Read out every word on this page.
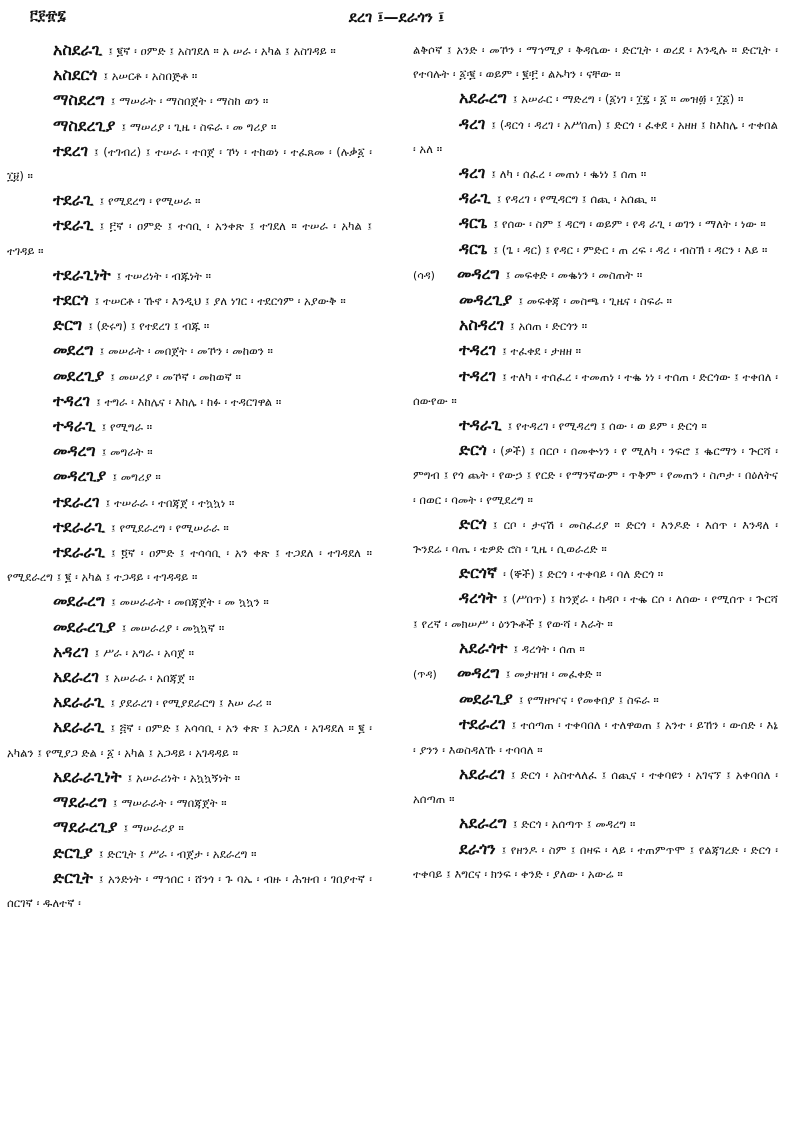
፫፻፹፯	ደረገ ፤—ደራጎን ፤

አስደራጊ ፤ ፪ኛ ፡ ዐምድ ፤ አስገደለ ። አ ሠራ ፡ አካል ፤ አስገዳይ ።

አስደርጎ ፤ አሠርቶ ፡ አስበጅቶ ።

ማስደረግ ፤ ማሠራት ፡ ማስበጀት ፡ ማስከ ወን ።

ማስደረጊያ ፤ ማሠሪያ ፡ ጊዜ ፡ ስፍራ ፡ መ ግሪያ ።

ተደረገ ፤ (ተገብረ) ፤ ተሠራ ፡ ተበጀ ፡ ኾነ ፡ ተከወነ ፡ ተፈጸመ ፡ (ሉቃ፩ ፡ ፲፱) ።

ተደራጊ ፤ የሚደረግ ፡ የሚሠራ ።

ተደራጊ ፤ ፫ኛ ፡ ዐምድ ፤ ተሳቢ ፡ አንቀጽ ፤ ተገደለ ። ተሠራ ፡ አካል ፤ ተገዳይ ።

ተደራጊነት ፤ ተሠሪነት ፡ ብጁነት ።

ተደርጎ ፤ ተሠርቶ ፡ ኹኖ ፡ እንዲህ ፤ ያለ ነገር ፡ ተደርጎም ፡ አያውቅ ።

ድርግ ፤ (ድሩግ) ፤ የተደረገ ፤ ብጁ ።

መደረግ ፤ መሠራት ፡ መበጀት ፡ መኾን ፡ መከወን ።

መደረጊያ ፤ መሠሪያ ፡ መኾኛ ፡ መከወኛ ።

ተዳረገ ፤ ተግራ ፡ እከሌና ፡ እከሌ ፡ ከፉ ፡ ተዳርገዋል ።

ተዳራጊ ፤ የሚግራ ።

መዳረግ ፤ መግራት ።

መዳረጊያ ፤ መግሪያ ።

ተደራረገ ፤ ተሠራራ ፡ ተበጃጀ ፡ ተኳኳነ ።

ተደራራጊ ፤ የሚደራረግ ፡ የሚሠራራ ።

ተደራራጊ ፤ ፬ኛ ፡ ዐምድ ፤ ተሳሳቢ ፡ አን ቀጽ ፤ ተጋደለ ፡ ተገዳደለ ። የሚደራረግ ፤ ፪ ፡ አካል ፤ ተጋዳይ ፡ ተገዳዳይ ።

መደራረግ ፤ መሠራራት ፡ መበጃጀት ፡ መ ኳኳን ።

መደራረጊያ ፤ መሠራሪያ ፡ መኳኳኛ ።

አዳረገ ፤ ሥራ ፡ አግራ ፡ አባጀ ።

አደራረገ ፤ አሠራራ ፡ አበጃጀ ።

አደራራጊ ፤ ያደራረገ ፡ የሚያደራርግ ፤ እሠ ራሪ ።

አደራራጊ ፤ ፭ኛ ፡ ዐምድ ፤ አሳሳቢ ፡ አን ቀጽ ፤ አጋደለ ፡ አገዳደለ ። ፪ ፡ አካልን ፤ የሚያጋ ድል ፡ ፩ ፡ አካል ፤ አጋዳይ ፡ አገዳዳይ ።

አደራራጊነት ፤ አሠራሪነት ፡ አኳኳኝነት ።

ማደራረግ ፤ ማሠራራት ፡ ማበጃጀት ።

ማደራረጊያ ፤ ማሠራሪያ ።

ድርጊያ ፤ ድርጊት ፤ ሥራ ፡ ብጀታ ፡ አደራረግ ።

ድርጊት ፤ አንድነት ፡ ማኅበር ፡ ሸንጎ ፡ ጉ ባኤ ፡ ብዙ ፡ ሕዝብ ፡ ገበያተኛ ፡ ሰርገኛ ፡ ዱለተኛ ፡

ልቅሶኛ ፤ አንድ ፡ መኾን ፡ ማኅሚያ ፡ ቅዳሴው ፡ ድርጊት ፡ ወረደ ፡ እንዲሉ ። ድርጊት ፡ የተባሉት ፡ ፩፡፪ ፡ ወይም ፡ ፪፡፫ ፡ ልኡካን ፡ ናቸው ።

አደራረግ ፤ አሠራር ፡ ማድረግ ፡ (፩ነገ ፡ ፲፯ ፡ ፩ ። መዝ፴ ፡ ፲፩) ።

ዳረገ ፤ (ዳርጎ ፡ ዳረገ ፡ አሥበጠ) ፤ ድርጎ ፡ ፈቀደ ፡ አዘዘ ፤ ከእከሌ ፡ ተቀበል ፡ አለ ።

ዳረገ ፤ ለካ ፡ ሰፈረ ፡ መጠነ ፡ ቈነነ ፤ ሰጠ ።

ዳራጊ ፤ የዳረገ ፡ የሚዳርግ ፤ ሰጪ ፡ አሰጪ ።

ዳርጌ ፤ የሰው ፡ ስም ፤ ዳርግ ፡ ወይም ፡ የዳ ራጊ ፡ ወገን ፡ ማለት ፡ ነው ።

ዳርጌ ፤ (ጌ ፡ ዳር) ፤ የዳር ፡ ምድር ፡ ጠ ረፍ ፡ ዳረ ፡ ብስኽ ፡ ዳርን ፡ እይ ።

(ሳዳ) መዳረግ ፤ መፍቀድ ፡ መቈነን ፡ መስጠት ።

መዳረጊያ ፤ መፍቀጃ ፡ መስጫ ፡ ጊዜና ፡ ስፍራ ።

አስዳረገ ፤ አሰጠ ፡ ድርጎን ።

ተዳረገ ፤ ተፈቀደ ፡ ታዘዘ ።

ተዳረገ ፤ ተለካ ፡ ተሰፈረ ፡ ተመጠነ ፡ ተቈ ነነ ፡ ተሰጠ ፡ ድርጎው ፤ ተቀበለ ፡ ሰውየው ።

ተዳራጊ ፤ የተዳረገ ፡ የሚዳረግ ፤ ሰው ፡ ወ ይም ፡ ድርጎ ።

ድርጎ ፡ (ዎች) ፤ በርቦ ፡ በመቍነን ፡ የ ሚለካ ፡ ንፍሮ ፤ ቈርማን ፡ ጕርሻ ፡ ምግብ ፤ የጎ ጨት ፡ የውኃ ፤ የርድ ፡ የማንኛውም ፡ ጥቅም ፡ የመጠን ፡ ስጦታ ፡ በዕለትና ፡ በወር ፡ ባመት ፡ የሚደረግ ።

ድርጎ ፤ ርቦ ፡ ታናሽ ፡ መስፈሪያ ። ድርጎ ፡ እንዶድ ፡ እሰጥ ፡ እንዳለ ፡ ጕንደሬ ፡ ባጤ ፡ ቴዎድ ሮስ ፡ ጊዜ ፡ ሲወራረድ ።

ድርጎኛ ፡ (ኞች) ፤ ድርጎ ፡ ተቀባይ ፡ ባለ ድርጎ ።

ዳረጎት ፤ (ሥበጥ) ፤ ከንጀራ ፡ ከዳቦ ፡ ተቈ ርሶ ፡ ለሰው ፡ የሚሰጥ ፡ ጕርሻ ፤ የረኛ ፡ መክሠሥ ፡ ዕንጕቶች ፤ የውሻ ፡ እራት ።

አደራጎተ ፤ ዳረጎት ፡ ሰጠ ።

(ጥዳ) መዳረግ ፤ መታዘዝ ፡ መፈቀድ ።

መደራጊያ ፤ የማዘዣና ፡ የመቀበያ ፤ ስፍራ ።

ተደራረገ ፤ ተሰጣጠ ፡ ተቀባበለ ፡ ተለዋወጠ ፤ አንተ ፡ ይኸን ፡ ውሰድ ፡ እኔ ፡ ያንን ፡ እወስዳለኹ ፡ ተባባለ ።

አደራረገ ፤ ድርጎ ፡ አስተላለፈ ፤ ሰጪና ፡ ተቀባዩን ፡ አገናኘ ፤ አቀባበለ ፡ አሰጣጠ ።

አደራረግ ፤ ድርጎ ፡ አሰጣጥ ፤ መዳረግ ።

ደራጎን ፤ የዘንዶ ፡ ስም ፤ በዛፍ ፡ ላይ ፡ ተጠምጥሞ ፤ የልጃገረድ ፡ ድርጎ ፡ ተቀባይ ፤ እግርና ፡ ክንፍ ፡ ቀንድ ፡ ያለው ፡ አውሬ ።
